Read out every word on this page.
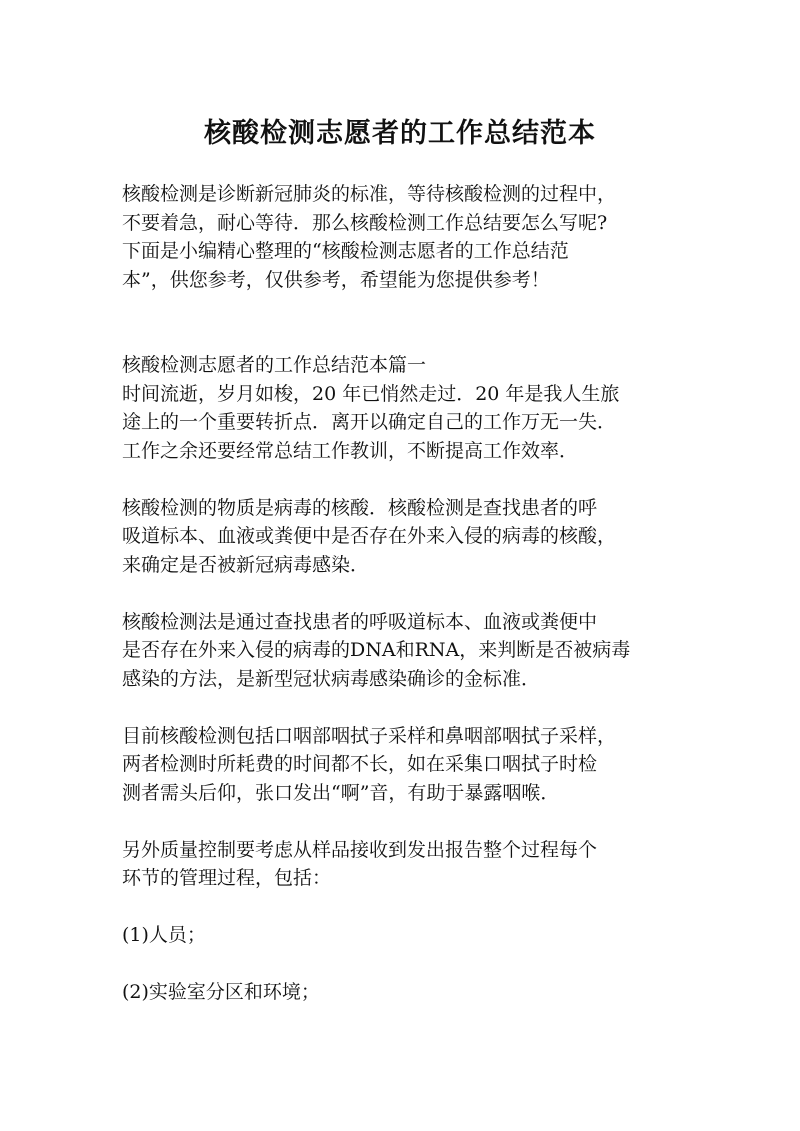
核酸检测志愿者的工作总结范本
核酸检测是诊断新冠肺炎的标准，等待核酸检测的过程中，
不要着急，耐心等待．那么核酸检测工作总结要怎么写呢?
下面是小编精心整理的“核酸检测志愿者的工作总结范
本”，供您参考，仅供参考，希望能为您提供参考！
核酸检测志愿者的工作总结范本篇一
时间流逝，岁月如梭，20 年已悄然走过．20 年是我人生旅
途上的一个重要转折点．离开以确定自己的工作万无一失．
工作之余还要经常总结工作教训，不断提高工作效率．
核酸检测的物质是病毒的核酸．核酸检测是查找患者的呼
吸道标本、血液或粪便中是否存在外来入侵的病毒的核酸，
来确定是否被新冠病毒感染．
核酸检测法是通过查找患者的呼吸道标本、血液或粪便中
是否存在外来入侵的病毒的DNA和RNA，来判断是否被病毒
感染的方法，是新型冠状病毒感染确诊的金标准．
目前核酸检测包括口咽部咽拭子采样和鼻咽部咽拭子采样，
两者检测时所耗费的时间都不长，如在采集口咽拭子时检
测者需头后仰，张口发出“啊”音，有助于暴露咽喉．
另外质量控制要考虑从样品接收到发出报告整个过程每个
环节的管理过程，包括：
(1)人员；
(2)实验室分区和环境；
